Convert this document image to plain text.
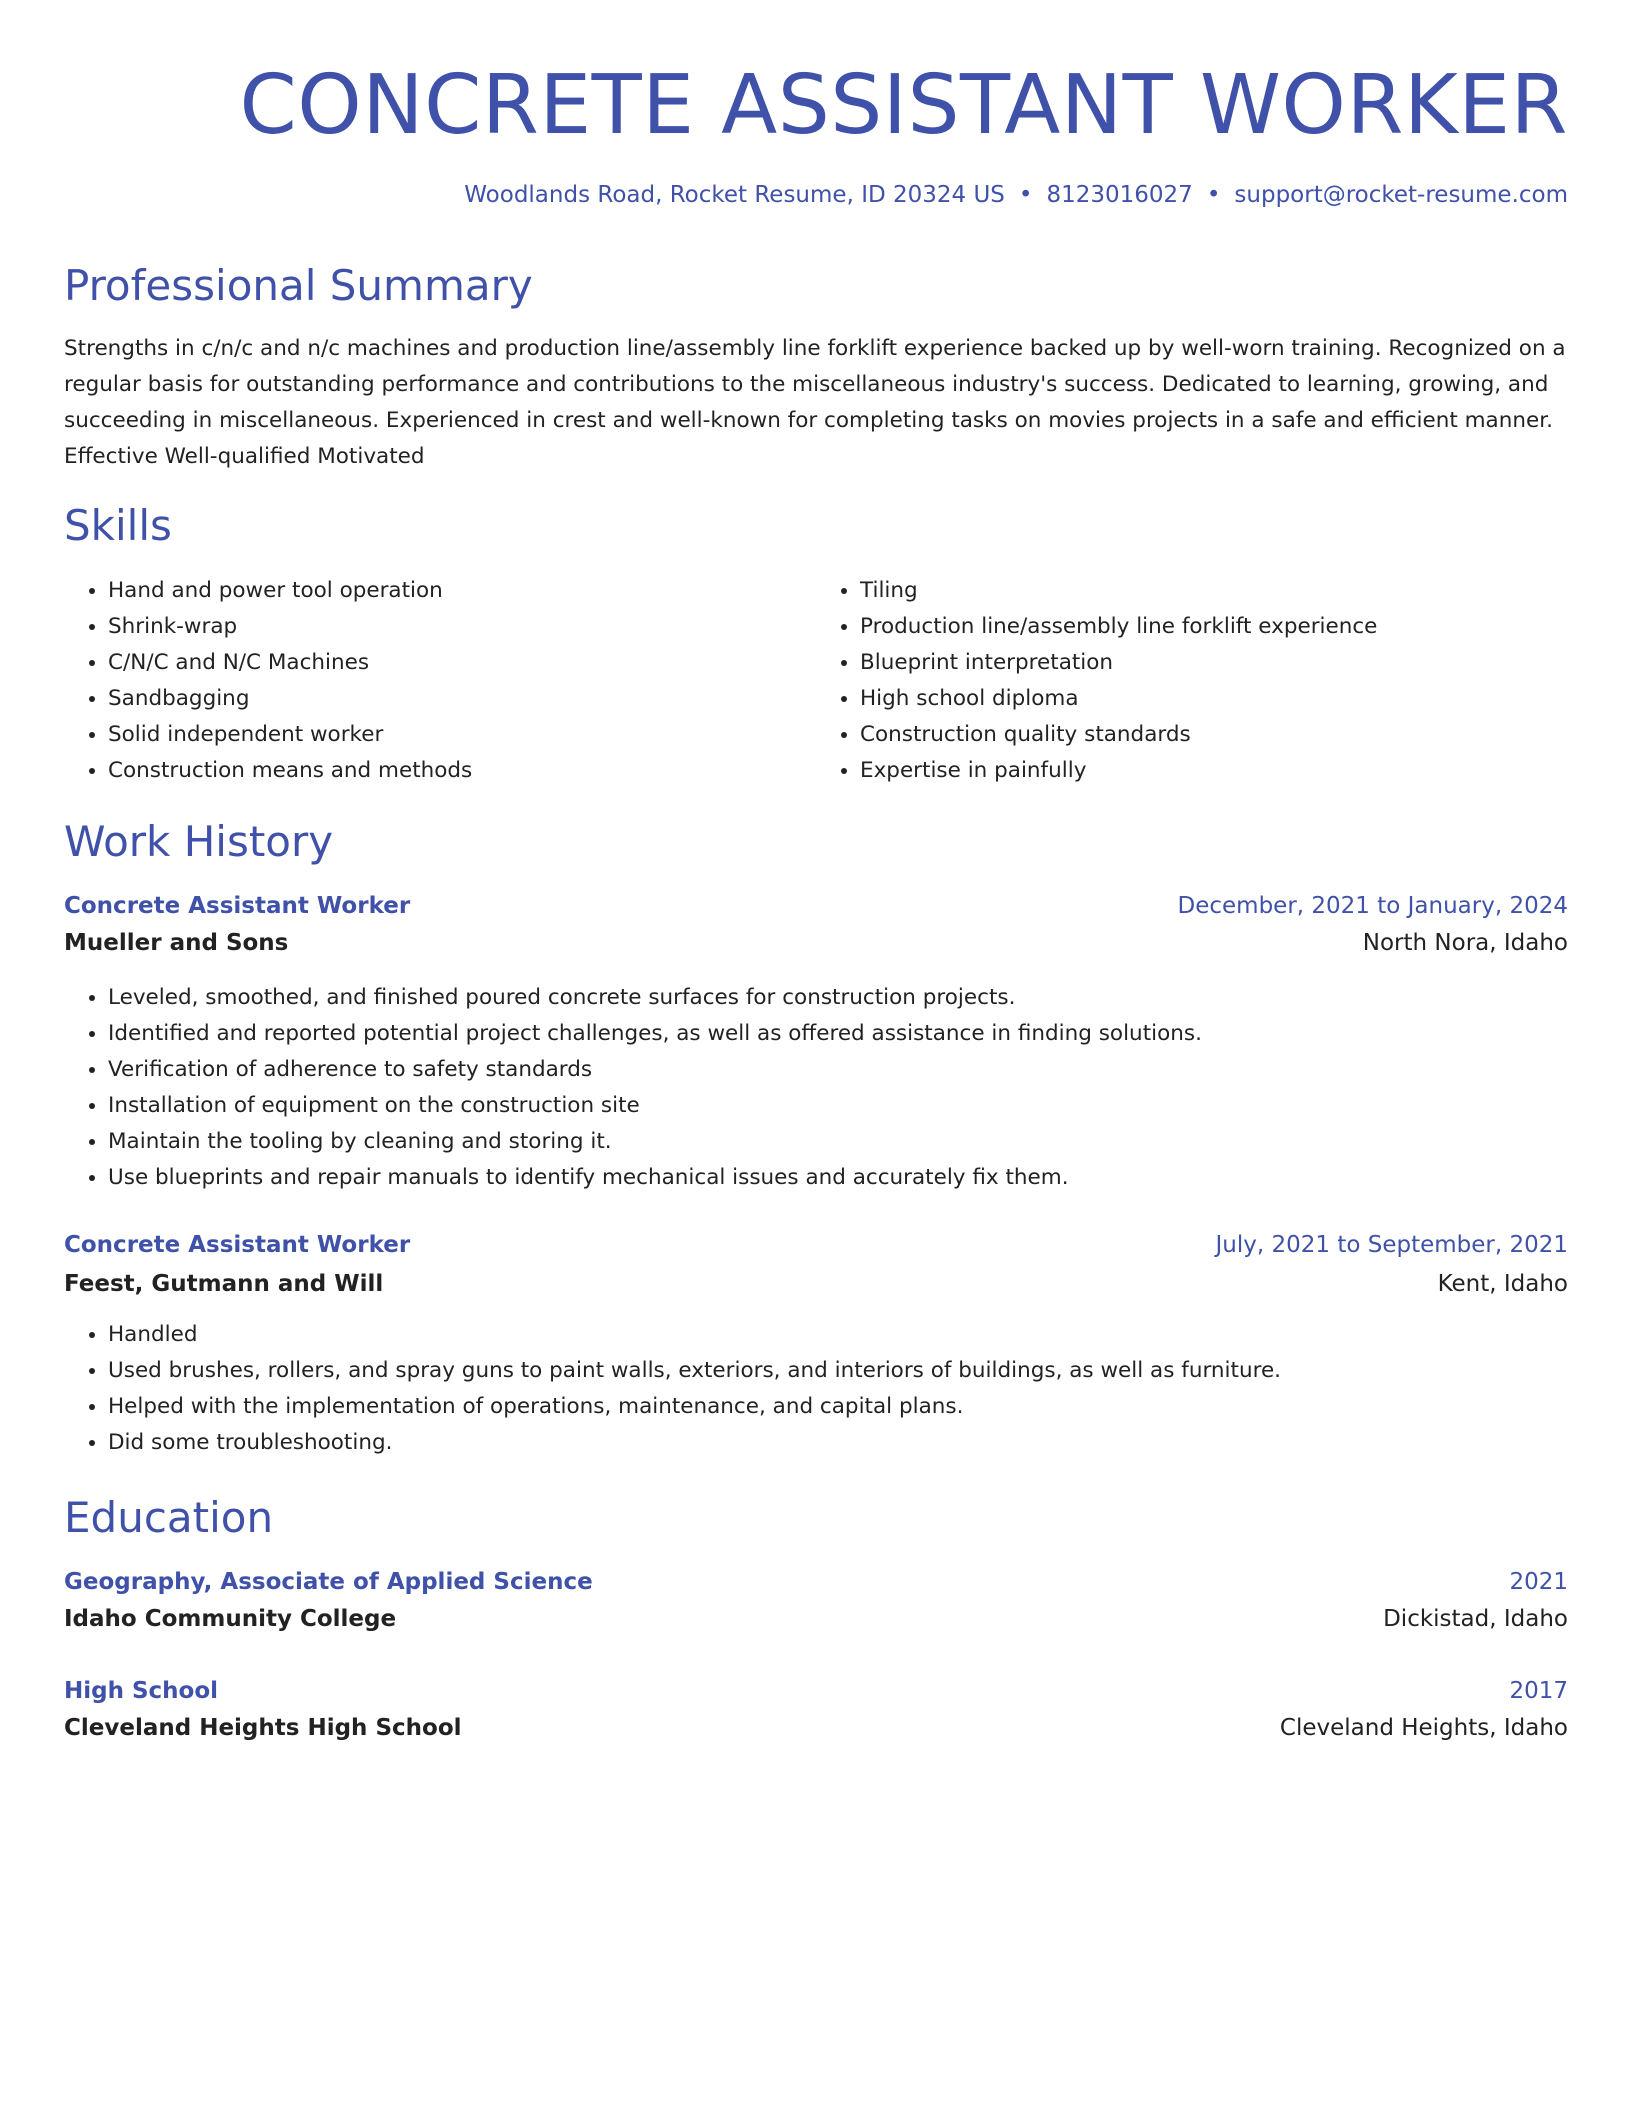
CONCRETE ASSISTANT WORKER
Woodlands Road, Rocket Resume, ID 20324 US • 8123016027 • support@rocket-resume.com
Professional Summary

Strengths in c/n/c and n/c machines and production line/assembly line forklift experience backed up by well-worn training. Recognized on a regular basis for outstanding performance and contributions to the miscellaneous industry's success. Dedicated to learning, growing, and succeeding in miscellaneous. Experienced in crest and well-known for completing tasks on movies projects in a safe and efficient manner. Effective Well-qualified Motivated

Skills
• Hand and power tool operation
• Shrink-wrap
• C/N/C and N/C Machines
• Sandbagging
• Solid independent worker
• Construction means and methods
• Tiling
• Production line/assembly line forklift experience
• Blueprint interpretation
• High school diploma
• Construction quality standards
• Expertise in painfully
Work History
Concrete Assistant Worker	December, 2021 to January, 2024
Mueller and Sons	North Nora, Idaho
• Leveled, smoothed, and finished poured concrete surfaces for construction projects.
• Identified and reported potential project challenges, as well as offered assistance in finding solutions.
• Verification of adherence to safety standards
• Installation of equipment on the construction site
• Maintain the tooling by cleaning and storing it.
• Use blueprints and repair manuals to identify mechanical issues and accurately fix them.
Concrete Assistant Worker	July, 2021 to September, 2021
Feest, Gutmann and Will	Kent, Idaho
• Handled
• Used brushes, rollers, and spray guns to paint walls, exteriors, and interiors of buildings, as well as furniture.
• Helped with the implementation of operations, maintenance, and capital plans.
• Did some troubleshooting.
Education
Geography, Associate of Applied Science	2021
Idaho Community College	Dickistad, Idaho
High School	2017
Cleveland Heights High School	Cleveland Heights, Idaho
